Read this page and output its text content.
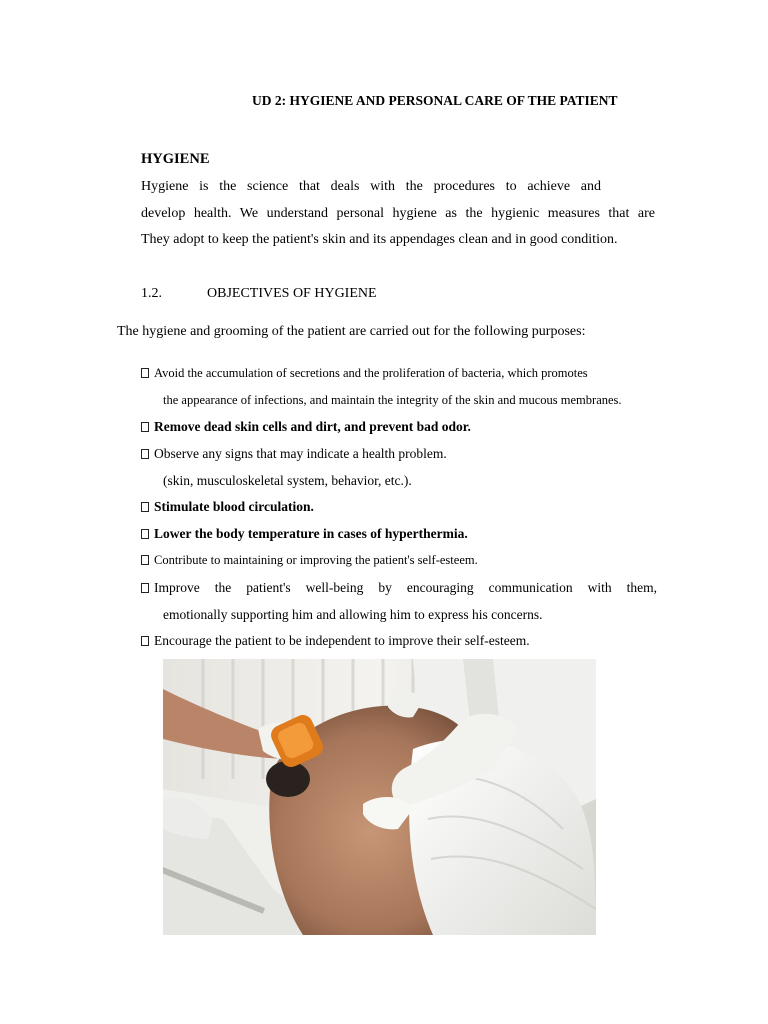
UD 2: HYGIENE AND PERSONAL CARE OF THE PATIENT
HYGIENE
Hygiene is the science that deals with the procedures to achieve and
develop health. We understand personal hygiene as the hygienic measures that are
They adopt to keep the patient's skin and its appendages clean and in good condition.
1.2.	OBJECTIVES OF HYGIENE
The hygiene and grooming of the patient are carried out for the following purposes:
Avoid the accumulation of secretions and the proliferation of bacteria, which promotes
the appearance of infections, and maintain the integrity of the skin and mucous membranes.
Remove dead skin cells and dirt, and prevent bad odor.
Observe any signs that may indicate a health problem.
(skin, musculoskeletal system, behavior, etc.).
Stimulate blood circulation.
Lower the body temperature in cases of hyperthermia.
Contribute to maintaining or improving the patient's self-esteem.
Improve the patient's well-being by encouraging communication with them,
emotionally supporting him and allowing him to express his concerns.
Encourage the patient to be independent to improve their self-esteem.
